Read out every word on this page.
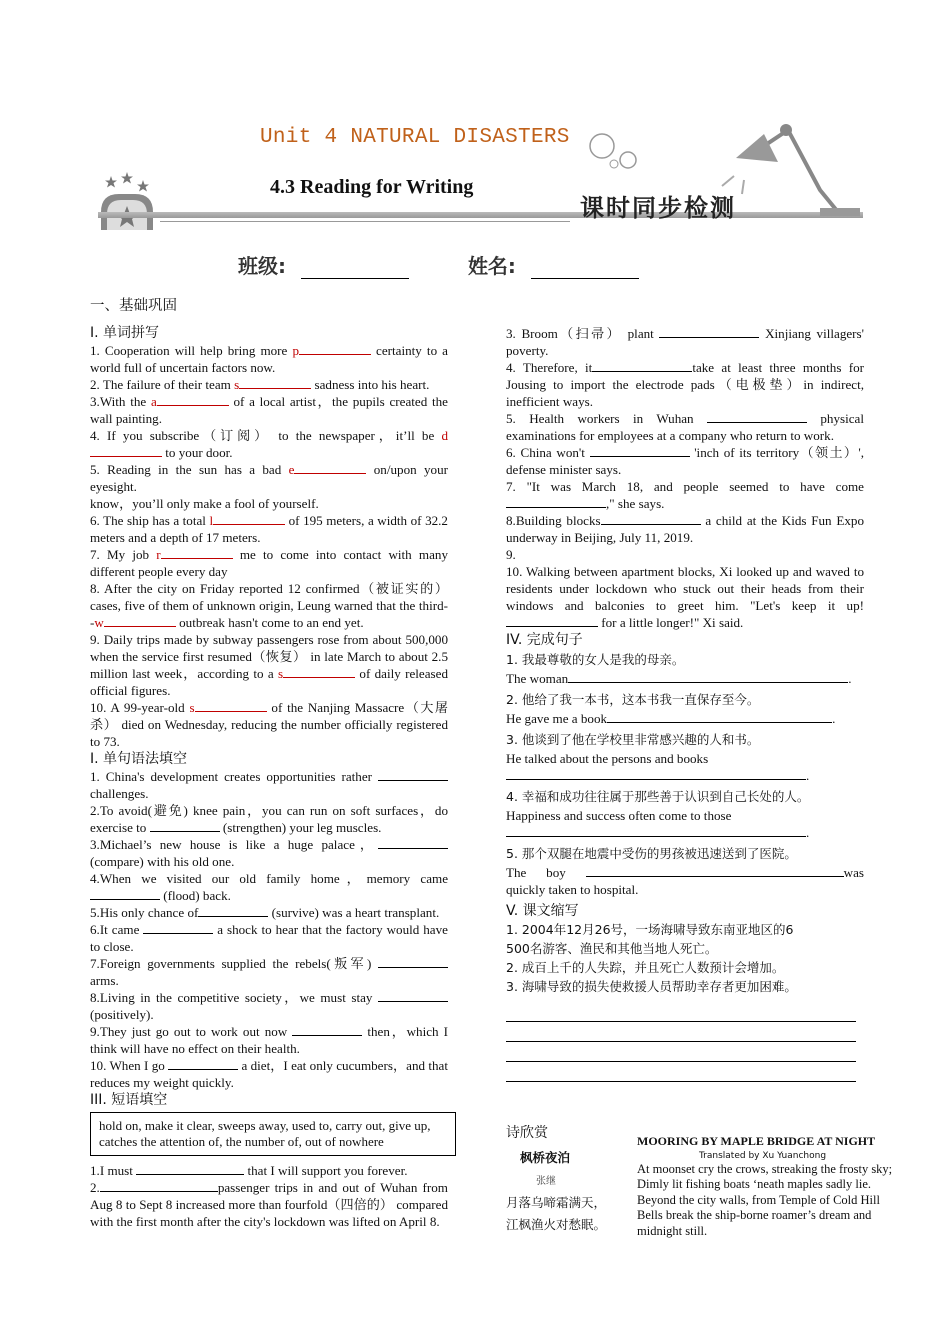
Unit 4 NATURAL DISASTERS
4.3 Reading for Writing
课时同步检测
班级:	姓名:

一、基础巩固

Ⅰ. 单词拼写

1. Cooperation will help bring more p	certainty to a world full of uncertain factors now.

2. The failure of their team s	sadness into his heart.

3.With the a	of a local artist，the pupils created the wall painting.

4. If you subscribe（订阅） to the newspaper，it’ll be d to your door.

5. Reading in the sun has a bad e	on/upon your eyesight.

know，you’ll only make a fool of yourself.

6. The ship has a total l	of 195 meters, a width of 32.2 meters and a depth of 17 meters.

7. My job r	me to come into contact with many different people every day

8. After the city on Friday reported 12 confirmed（被证实的） cases, five of them of unknown origin, Leung warned that the third--w	outbreak hasn't come to an end yet.

9. Daily trips made by subway passengers rose from about 500,000 when the service first resumed（恢复） in late March to about 2.5 million last week，according to a s	of daily released official figures.

10. A 99-year-old s	of the Nanjing Massacre（大屠杀） died on Wednesday, reducing the number officially registered to 73.

Ⅰ. 单句语法填空

1. China's development creates opportunities rather  challenges.

2.To avoid(避免) knee pain，you can run on soft surfaces，do exercise to	(strengthen) your leg muscles.

3.Michael’s new house is like a huge palace， (compare) with his old one.

4.When we visited our old family home，memory came (flood) back.

5.His only chance of	(survive) was a heart transplant.

6.It came	a shock to hear that the factory would have to close.

7.Foreign governments supplied the rebels(叛军)  arms.

8.Living in the competitive society，we must stay  (positively).

9.They just go out to work out now	then，which I think will have no effect on their health.

10. When I go	a diet，I eat only cucumbers，and that reduces my weight quickly.

III. 短语填空

hold on, make it clear, sweeps away, used to, carry out, give up, catches the attention of, the number of, out of nowhere

1.I must	that I will support you forever.

2.	passenger trips in and out of Wuhan from Aug 8 to Sept 8 increased more than fourfold（四倍的） compared with the first month after the city's lockdown was lifted on April 8.

3. Broom（扫帚） plant	Xinjiang villagers' poverty.

4. Therefore, it	take at least three months for Jousing to import the electrode pads（电极垫）in indirect, inefficient ways.

5. Health workers in Wuhan	physical examinations for employees at a company who return to work.

6. China won't	'inch of its territory（领土）', defense minister says.

7. "It was March 18, and people seemed to have come ," she says.

8.Building blocks	a child at the Kids Fun Expo underway in Beijing, July 11, 2019.

9.

10. Walking between apartment blocks, Xi looked up and waved to residents under lockdown who stuck out their heads from their windows and balconies to greet him. "Let's keep it up!  for a little longer!" Xi said.

IV. 完成句子

1. 我最尊敬的女人是我的母亲。

The woman	.

2. 他给了我一本书，这本书我一直保存至今。

He gave me a book	.

3. 他谈到了他在学校里非常感兴趣的人和书。

He talked about the persons and books
.

4. 幸福和成功往往属于那些善于认识到自己长处的人。

Happiness and success often come to those
.

5. 那个双腿在地震中受伤的男孩被迅速送到了医院。

The boy	was quickly taken to hospital.

V. 课文缩写

1. 2004年12月26号，一场海啸导致东南亚地区的6

500名游客、渔民和其他当地人死亡。

2. 成百上千的人失踪，并且死亡人数预计会增加。

3. 海啸导致的损失使救援人员帮助幸存者更加困难。

诗欣赏
枫桥夜泊
张继
月落乌啼霜满天，
江枫渔火对愁眠。
MOORING BY MAPLE BRIDGE AT NIGHT
Translated by Xu Yuanchong
At moonset cry the crows, streaking the frosty sky;
Dimly lit fishing boats ‘neath maples sadly lie.
Beyond the city walls, from Temple of Cold Hill
Bells break the ship-borne roamer’s dream and midnight still.
